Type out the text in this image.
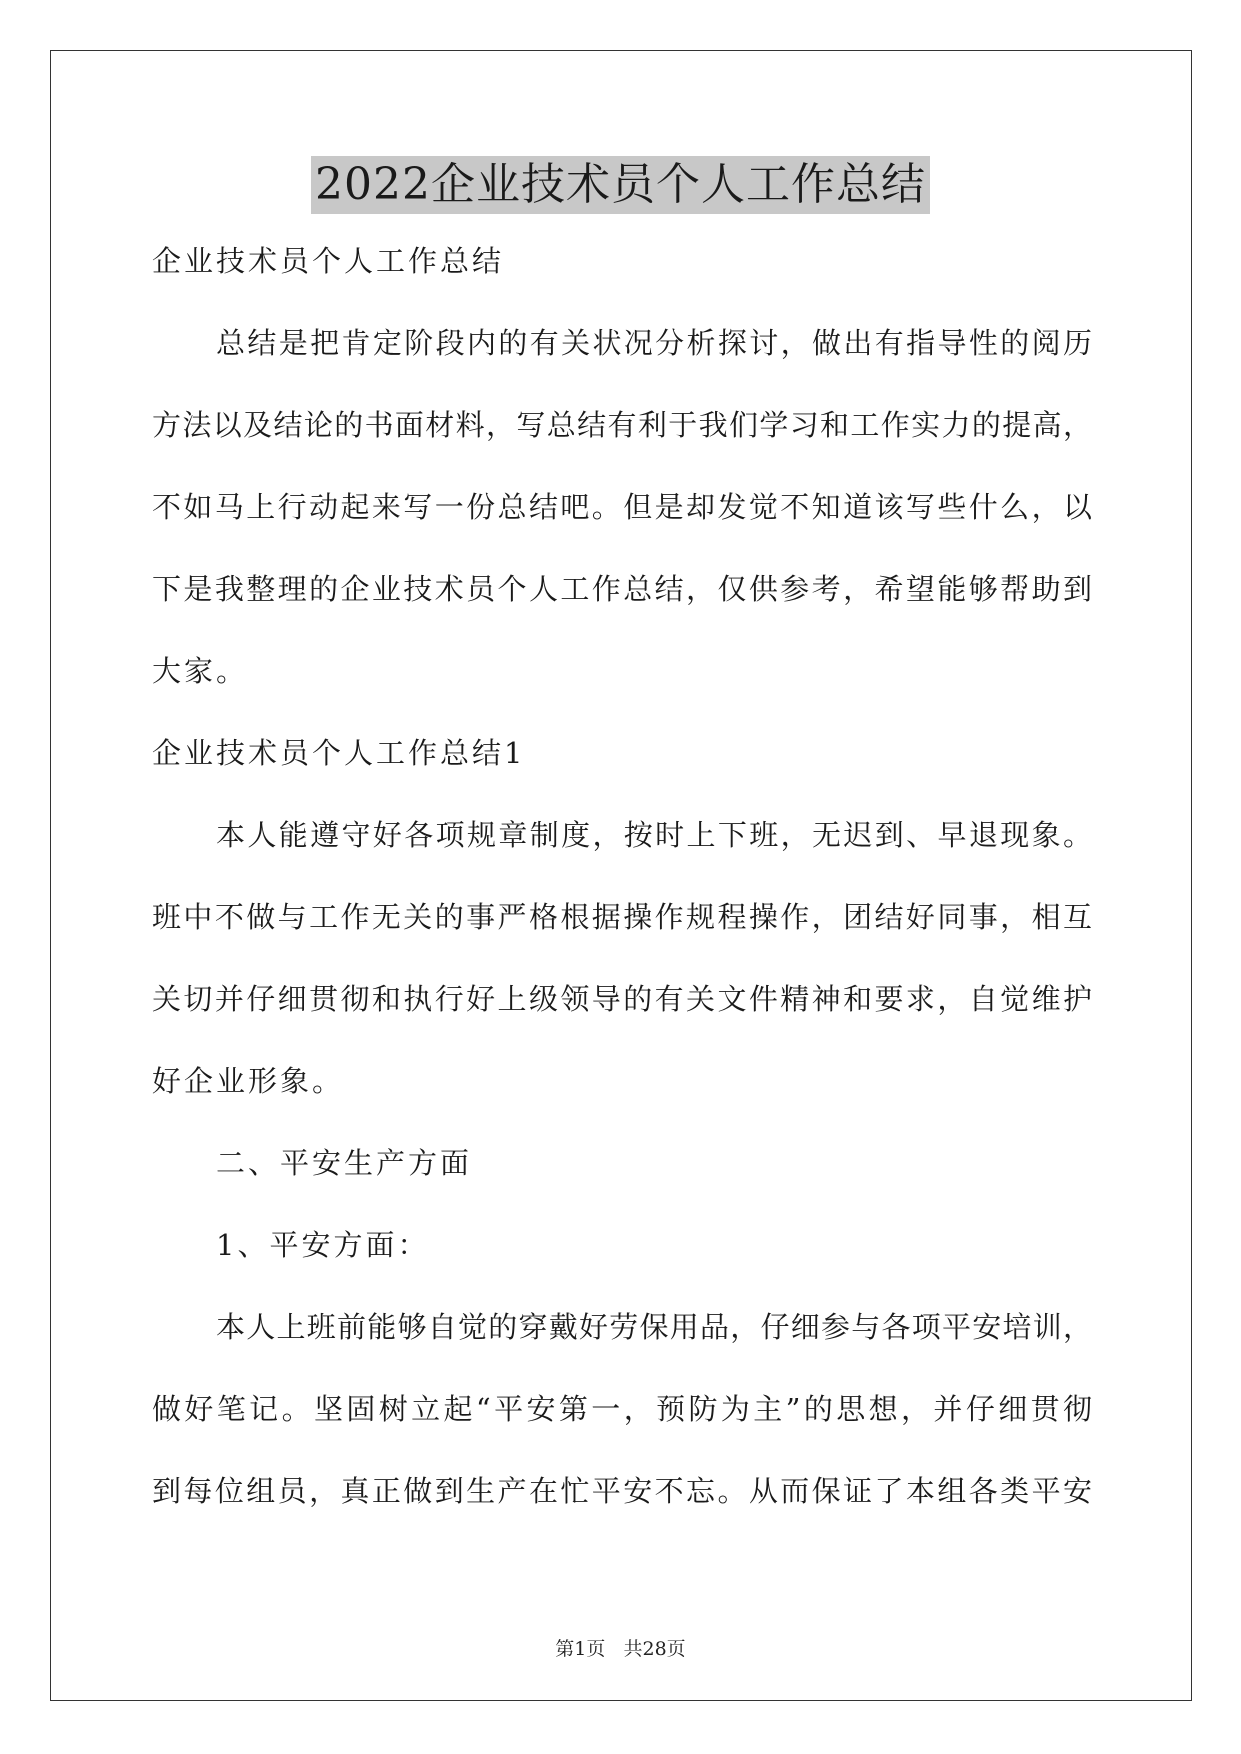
2022企业技术员个人工作总结
企业技术员个人工作总结
总结是把肯定阶段内的有关状况分析探讨，做出有指导性的阅历
方法以及结论的书面材料，写总结有利于我们学习和工作实力的提高，
不如马上行动起来写一份总结吧。但是却发觉不知道该写些什么，以
下是我整理的企业技术员个人工作总结，仅供参考，希望能够帮助到
大家。
企业技术员个人工作总结1
本人能遵守好各项规章制度，按时上下班，无迟到、早退现象。
班中不做与工作无关的事严格根据操作规程操作，团结好同事，相互
关切并仔细贯彻和执行好上级领导的有关文件精神和要求，自觉维护
好企业形象。
二、平安生产方面
1、平安方面：
本人上班前能够自觉的穿戴好劳保用品，仔细参与各项平安培训，
做好笔记。坚固树立起“平安第一，预防为主”的思想，并仔细贯彻
到每位组员，真正做到生产在忙平安不忘。从而保证了本组各类平安
第1页   共28页
